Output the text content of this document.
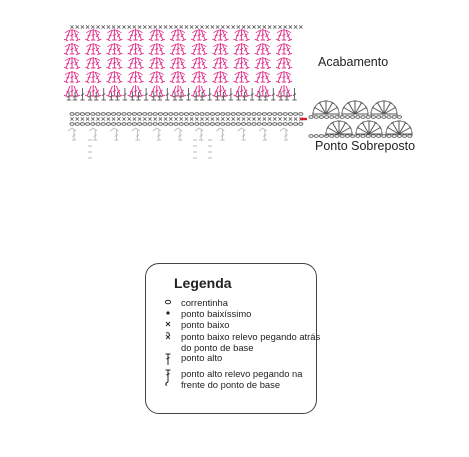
Acabamento
Ponto Sobreposto
Legenda
correntinha
ponto baixíssimo
ponto baixo
ponto baixo relevo pegando atrás do ponto de base
ponto alto
ponto alto relevo pegando na frente do ponto de base
